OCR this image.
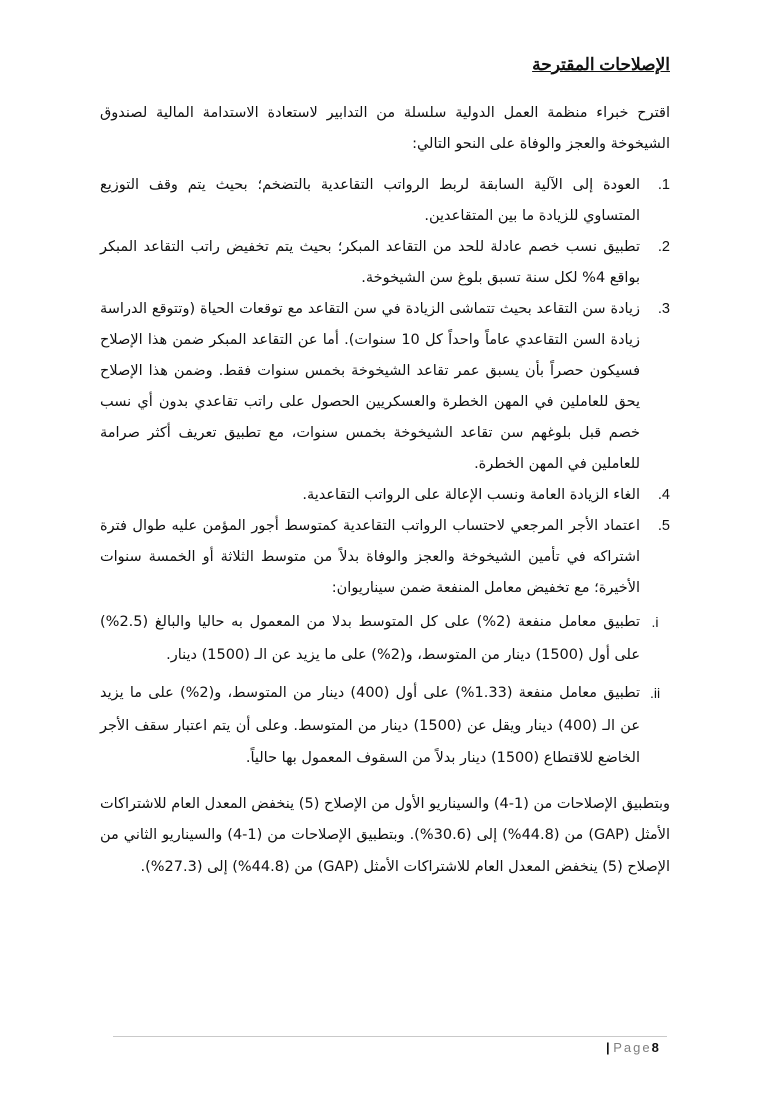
الإصلاحات المقترحة

اقترح خبراء منظمة العمل الدولية سلسلة من التدابير لاستعادة الاستدامة المالية لصندوق الشيخوخة والعجز والوفاة على النحو التالي:

1.
العودة إلى الآلية السابقة لربط الرواتب التقاعدية بالتضخم؛ بحيث يتم وقف التوزيع المتساوي للزيادة ما بين المتقاعدين.
2.
تطبيق نسب خصم عادلة للحد من التقاعد المبكر؛ بحيث يتم تخفيض راتب التقاعد المبكر بواقع 4% لكل سنة تسبق بلوغ سن الشيخوخة.
3.
زيادة سن التقاعد بحيث تتماشى الزيادة في سن التقاعد مع توقعات الحياة (وتتوقع الدراسة زيادة السن التقاعدي عاماً واحداً كل 10 سنوات). أما عن التقاعد المبكر ضمن هذا الإصلاح فسيكون حصراً بأن يسبق عمر تقاعد الشيخوخة بخمس سنوات فقط. وضمن هذا الإصلاح يحق للعاملين في المهن الخطرة والعسكريين الحصول على راتب تقاعدي بدون أي نسب خصم قبل بلوغهم سن تقاعد الشيخوخة بخمس سنوات، مع تطبيق تعريف أكثر صرامة للعاملين في المهن الخطرة.
4.
الغاء الزيادة العامة ونسب الإعالة على الرواتب التقاعدية.
5.
اعتماد الأجر المرجعي لاحتساب الرواتب التقاعدية كمتوسط أجور المؤمن عليه طوال فترة اشتراكه في تأمين الشيخوخة والعجز والوفاة بدلاً من متوسط الثلاثة أو الخمسة سنوات الأخيرة؛ مع تخفيض معامل المنفعة ضمن سيناريوان:
i.
تطبيق معامل منفعة (2%) على كل المتوسط بدلا من المعمول به حاليا والبالغ (2.5%) على أول (1500) دينار من المتوسط، و(2%) على ما يزيد عن الـ (1500) دينار.
ii.
تطبيق معامل منفعة (1.33%) على أول (400) دينار من المتوسط، و(2%) على ما يزيد عن الـ (400) دينار ويقل عن (1500) دينار من المتوسط. وعلى أن يتم اعتبار سقف الأجر الخاضع للاقتطاع (1500) دينار بدلاً من السقوف المعمول بها حالياً.

وبتطبيق الإصلاحات من (1-4) والسيناريو الأول من الإصلاح (5) ينخفض المعدل العام للاشتراكات الأمثل (GAP) من (44.8%) إلى (30.6%). وبتطبيق الإصلاحات من (1-4) والسيناريو الثاني من الإصلاح (5) ينخفض المعدل العام للاشتراكات الأمثل (GAP) من (44.8%) إلى (27.3%).

| Page8
